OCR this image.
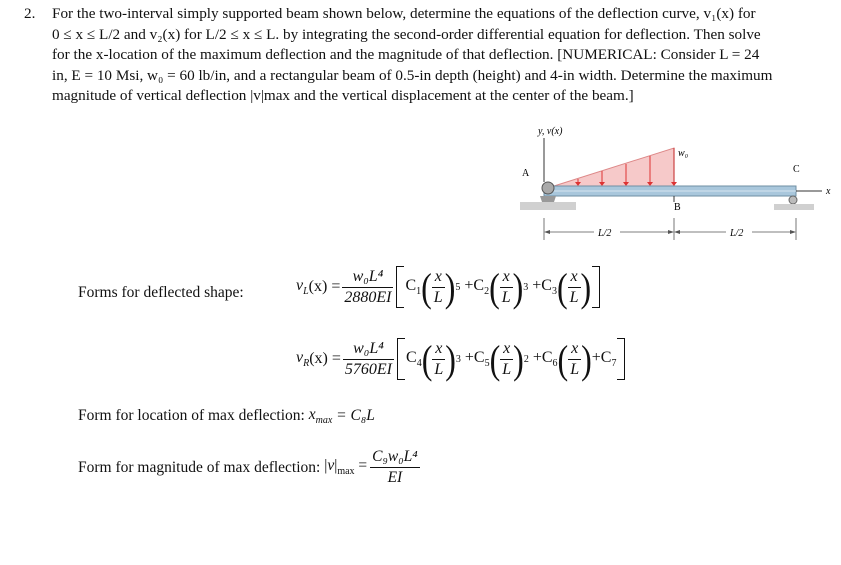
2. For the two-interval simply supported beam shown below, determine the equations of the deflection curve, v₁(x) for
0 ≤ x ≤ L/2 and v₂(x) for L/2 ≤ x ≤ L. by integrating the second-order differential equation for deflection. Then solve
for the x-location of the maximum deflection and the magnitude of that deflection. [NUMERICAL: Consider L = 24
in, E = 10 Msi, w₀ = 60 lb/in, and a rectangular beam of 0.5-in depth (height) and 4-in width. Determine the maximum
magnitude of vertical deflection |v|max and the vertical displacement at the center of the beam.]
y, v(x)
w₀
x
A	C
B
L/2	L/2
Forms for deflected shape:	$v_L$ $(x) = \frac{\text{w₀L⁴}}{2880EI} C_1$ ( $\frac{x}{L}$ ) $5 +C_2$ ( $\frac{x}{L}$ ) $3 +C_3$ ( $\frac{x}{L}$ )
$v_R$ $(x) = \frac{\text{w₀L⁴}}{5760EI} C_4$ ( $\frac{x}{L}$ ) $3 +C_5$ ( $\frac{x}{L}$ ) $2 +C_6$ ( $\frac{x}{L}$ ) $+C_7$
Form for location of max deflection:
$x_{max}$
= C₈L
Form for magnitude of max deflection: $|v|_{max} = \frac{\text{C₉w₀L⁴}}{EI}$
